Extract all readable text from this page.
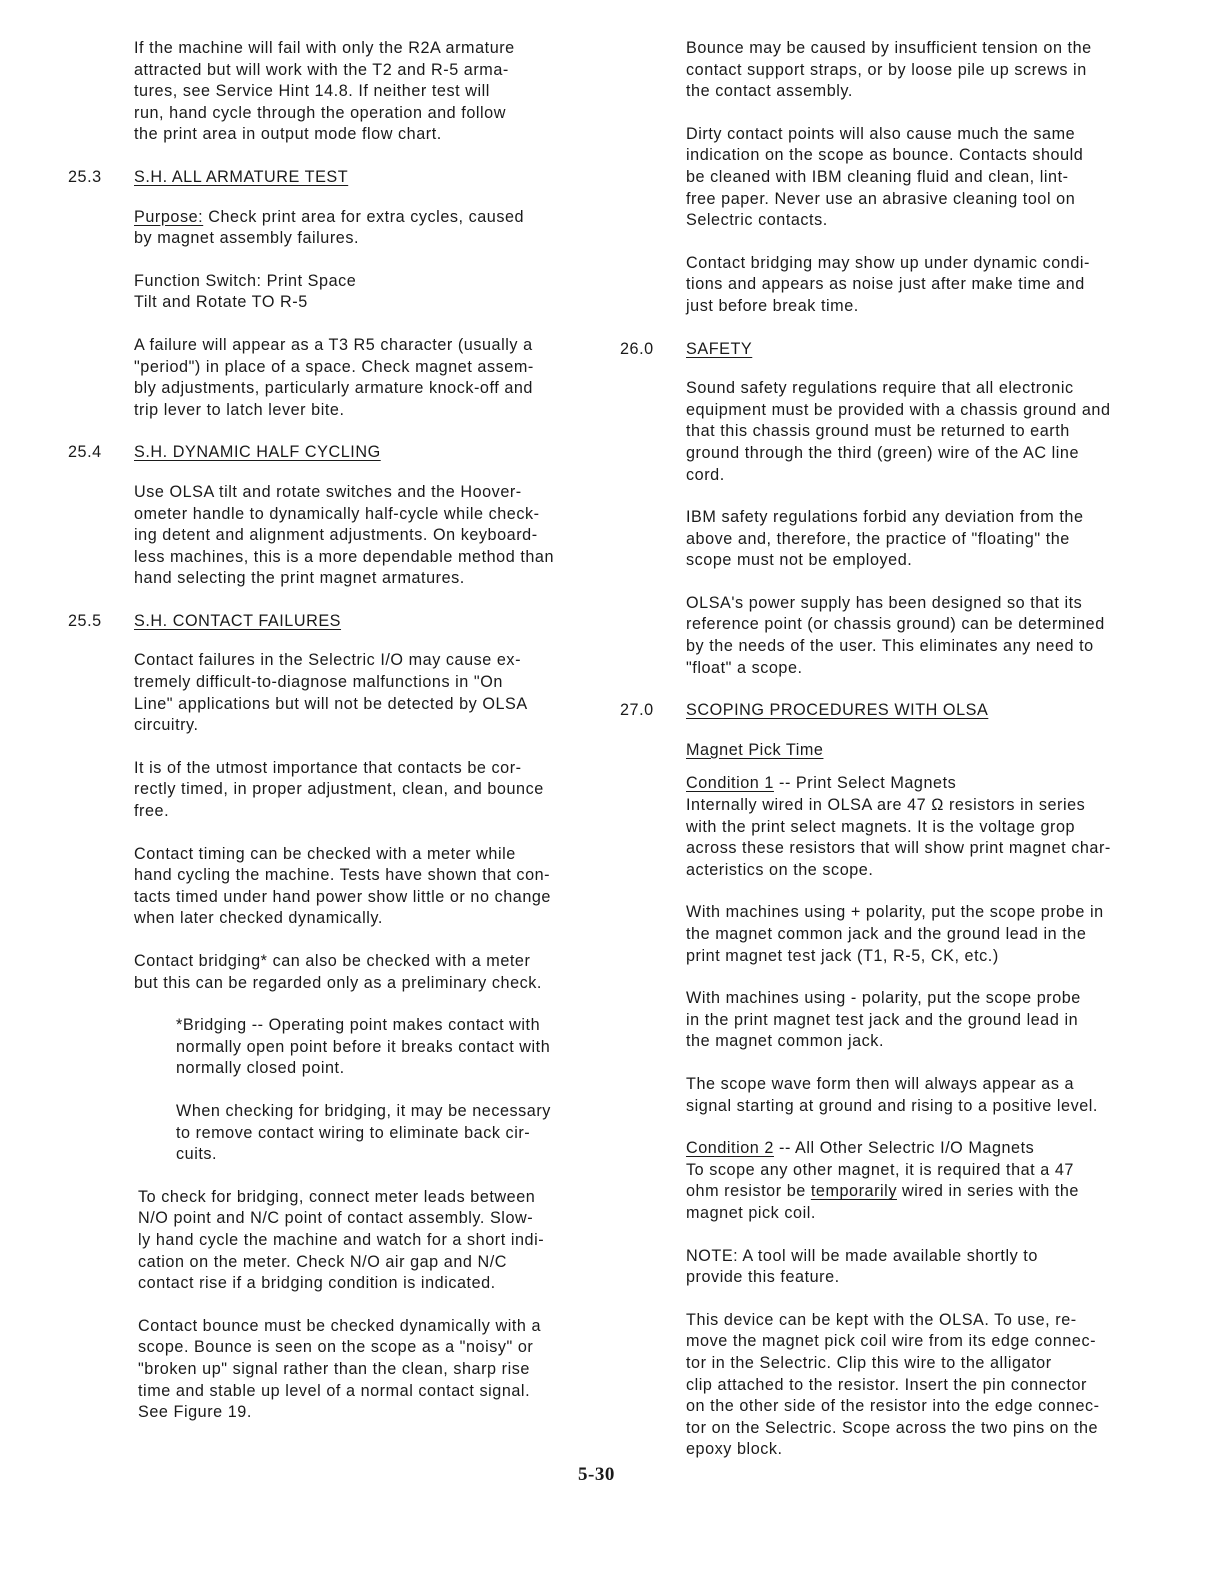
If the machine will fail with only the R2A armature
attracted but will work with the T2 and R-5 arma-
tures, see Service Hint 14.8. If neither test will
run, hand cycle through the operation and follow
the print area in output mode flow chart.

25.3	S.H. ALL ARMATURE TEST

Purpose: Check print area for extra cycles, caused
by magnet assembly failures.

Function Switch: Print Space
Tilt and Rotate TO R-5

A failure will appear as a T3 R5 character (usually a
"period") in place of a space. Check magnet assem-
bly adjustments, particularly armature knock-off and
trip lever to latch lever bite.

25.4	S.H. DYNAMIC HALF CYCLING

Use OLSA tilt and rotate switches and the Hoover-
ometer handle to dynamically half-cycle while check-
ing detent and alignment adjustments. On keyboard-
less machines, this is a more dependable method than
hand selecting the print magnet armatures.

25.5	S.H. CONTACT FAILURES

Contact failures in the Selectric I/O may cause ex-
tremely difficult-to-diagnose malfunctions in "On
Line" applications but will not be detected by OLSA
circuitry.

It is of the utmost importance that contacts be cor-
rectly timed, in proper adjustment, clean, and bounce
free.

Contact timing can be checked with a meter while
hand cycling the machine. Tests have shown that con-
tacts timed under hand power show little or no change
when later checked dynamically.

Contact bridging* can also be checked with a meter
but this can be regarded only as a preliminary check.

*Bridging -- Operating point makes contact with
normally open point before it breaks contact with
normally closed point.

When checking for bridging, it may be necessary
to remove contact wiring to eliminate back cir-
cuits.

To check for bridging, connect meter leads between
N/O point and N/C point of contact assembly. Slow-
ly hand cycle the machine and watch for a short indi-
cation on the meter. Check N/O air gap and N/C
contact rise if a bridging condition is indicated.

Contact bounce must be checked dynamically with a
scope. Bounce is seen on the scope as a "noisy" or
"broken up" signal rather than the clean, sharp rise
time and stable up level of a normal contact signal.
See Figure 19.

Bounce may be caused by insufficient tension on the
contact support straps, or by loose pile up screws in
the contact assembly.

Dirty contact points will also cause much the same
indication on the scope as bounce. Contacts should
be cleaned with IBM cleaning fluid and clean, lint-
free paper. Never use an abrasive cleaning tool on
Selectric contacts.

Contact bridging may show up under dynamic condi-
tions and appears as noise just after make time and
just before break time.

26.0	SAFETY

Sound safety regulations require that all electronic
equipment must be provided with a chassis ground and
that this chassis ground must be returned to earth
ground through the third (green) wire of the AC line
cord.

IBM safety regulations forbid any deviation from the
above and, therefore, the practice of "floating" the
scope must not be employed.

OLSA's power supply has been designed so that its
reference point (or chassis ground) can be determined
by the needs of the user. This eliminates any need to
"float" a scope.

27.0	SCOPING PROCEDURES WITH OLSA

Magnet Pick Time

Condition 1 -- Print Select Magnets

Internally wired in OLSA are 47 Ω resistors in series
with the print select magnets. It is the voltage grop
across these resistors that will show print magnet char-
acteristics on the scope.

With machines using + polarity, put the scope probe in
the magnet common jack and the ground lead in the
print magnet test jack (T1, R-5, CK, etc.)

With machines using - polarity, put the scope probe
in the print magnet test jack and the ground lead in
the magnet common jack.

The scope wave form then will always appear as a
signal starting at ground and rising to a positive level.

Condition 2 -- All Other Selectric I/O Magnets

To scope any other magnet, it is required that a 47
ohm resistor be temporarily wired in series with the
magnet pick coil.

NOTE: A tool will be made available shortly to
provide this feature.

This device can be kept with the OLSA. To use, re-
move the magnet pick coil wire from its edge connec-
tor in the Selectric. Clip this wire to the alligator
clip attached to the resistor. Insert the pin connector
on the other side of the resistor into the edge connec-
tor on the Selectric. Scope across the two pins on the
epoxy block.

5-30
